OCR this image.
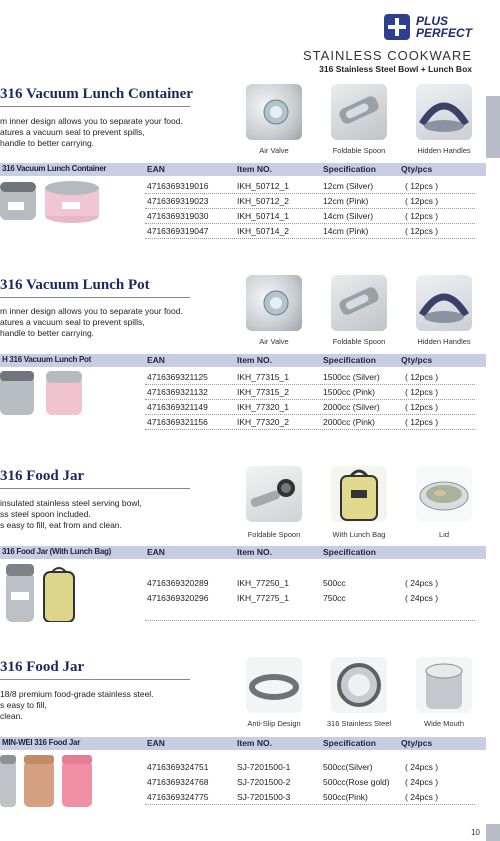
PLUS
PERFECT
STAINLESS COOKWARE
316 Stainless Steel Bowl + Lunch Box
316 Vacuum Lunch Container
m inner design allows you to separate your food.
atures a vacuum seal to prevent spills,
handle to better carrying.
Air Valve	Foldable Spoon	Hidden Handles
316 Vacuum Lunch Container	EAN	Item NO.	Specification	Qty/pcs
4716369319016	IKH_50712_1	12cm (Silver)	( 12pcs )
4716369319023	IKH_50712_2	12cm (Pink)	( 12pcs )
4716369319030	IKH_50714_1	14cm (Silver)	( 12pcs )
4716369319047	IKH_50714_2	14cm (Pink)	( 12pcs )
316 Vacuum Lunch Pot
m inner design allows you to separate your food.
atures a vacuum seal to prevent spills,
handle to better carrying.
Air Valve	Foldable Spoon	Hidden Handles
H 316 Vacuum Lunch Pot	EAN	Item NO.	Specification	Qty/pcs
4716369321125	IKH_77315_1	1500cc (Silver)	( 12pcs )
4716369321132	IKH_77315_2	1500cc (Pink)	( 12pcs )
4716369321149	IKH_77320_1	2000cc (Silver)	( 12pcs )
4716369321156	IKH_77320_2	2000cc (Pink)	( 12pcs )
316 Food Jar
insulated stainless steel serving bowl,
ss steel spoon included.
s easy to fill, eat from and clean.
Foldable Spoon	With Lunch Bag	Lid
316 Food Jar (With Lunch Bag)	EAN	Item NO.	Specification
4716369320289	IKH_77250_1	500cc	( 24pcs )
4716369320296	IKH_77275_1	750cc	( 24pcs )
316 Food Jar
18/8 premium food-grade stainless steel.
s easy to fill,
clean.
Anti-Slip Design	316 Stainless Steel	Wide Mouth
MIN-WEI 316 Food Jar	EAN	Item NO.	Specification	Qty/pcs
4716369324751	SJ-7201500-1	500cc(Silver)	( 24pcs )
4716369324768	SJ-7201500-2	500cc(Rose gold) ( 24pcs )
4716369324775	SJ-7201500-3	500cc(Pink)	( 24pcs )
10
